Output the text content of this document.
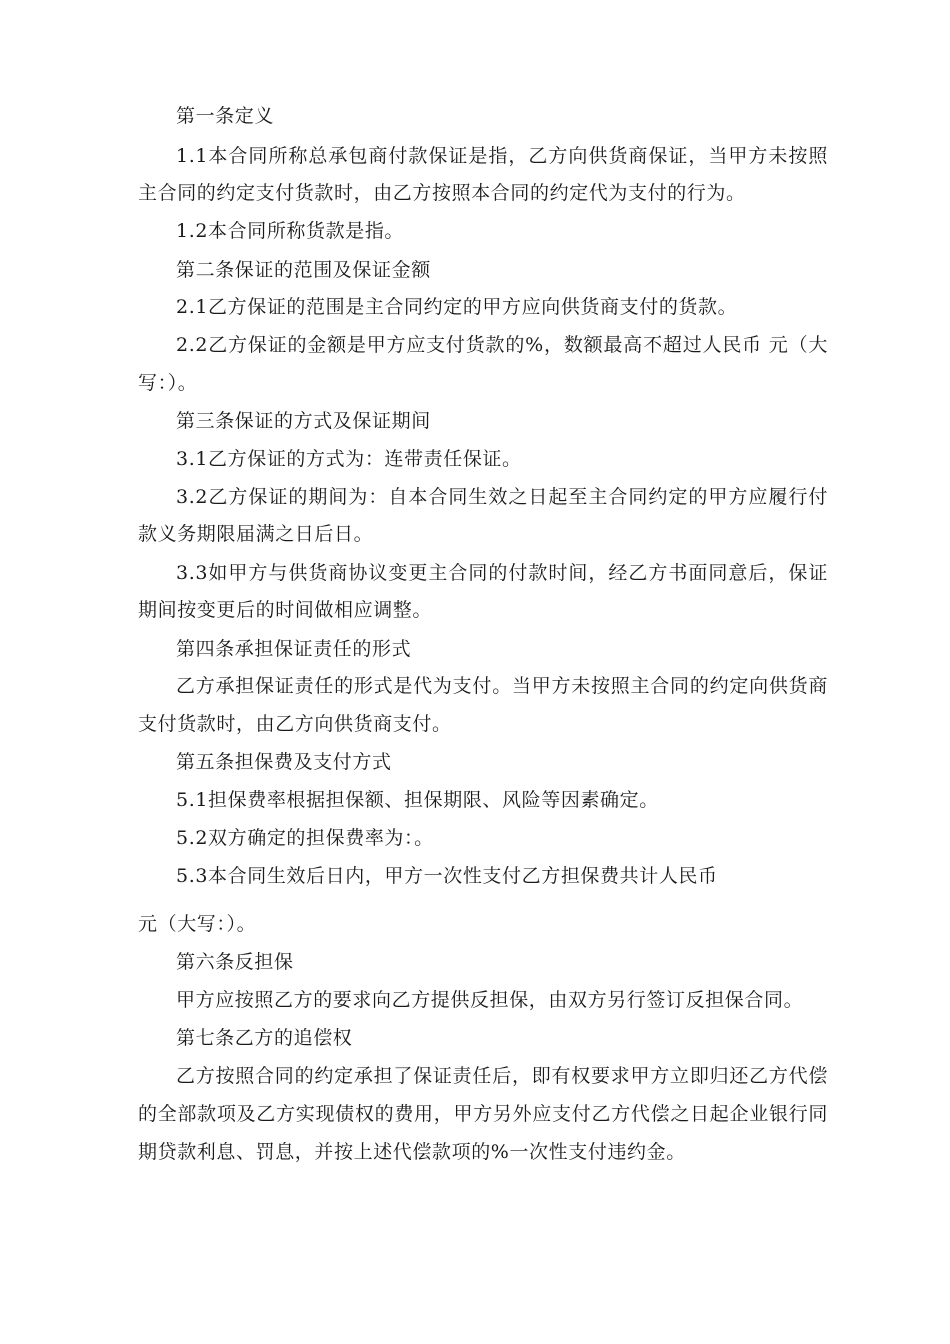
第一条定义
1.1本合同所称总承包商付款保证是指，乙方向供货商保证，当甲方未按照
主合同的约定支付货款时，由乙方按照本合同的约定代为支付的行为。
1.2本合同所称货款是指。
第二条保证的范围及保证金额
2.1乙方保证的范围是主合同约定的甲方应向供货商支付的货款。
2.2乙方保证的金额是甲方应支付货款的%，数额最高不超过人民币 元（大
写：）。
第三条保证的方式及保证期间
3.1乙方保证的方式为：连带责任保证。
3.2乙方保证的期间为：自本合同生效之日起至主合同约定的甲方应履行付
款义务期限届满之日后日。
3.3如甲方与供货商协议变更主合同的付款时间，经乙方书面同意后，保证
期间按变更后的时间做相应调整。
第四条承担保证责任的形式
乙方承担保证责任的形式是代为支付。当甲方未按照主合同的约定向供货商
支付货款时，由乙方向供货商支付。
第五条担保费及支付方式
5.1担保费率根据担保额、担保期限、风险等因素确定。
5.2双方确定的担保费率为：。
5.3本合同生效后日内，甲方一次性支付乙方担保费共计人民币
元（大写：）。
第六条反担保
甲方应按照乙方的要求向乙方提供反担保，由双方另行签订反担保合同。
第七条乙方的追偿权
乙方按照合同的约定承担了保证责任后，即有权要求甲方立即归还乙方代偿
的全部款项及乙方实现债权的费用，甲方另外应支付乙方代偿之日起企业银行同
期贷款利息、罚息，并按上述代偿款项的%一次性支付违约金。
